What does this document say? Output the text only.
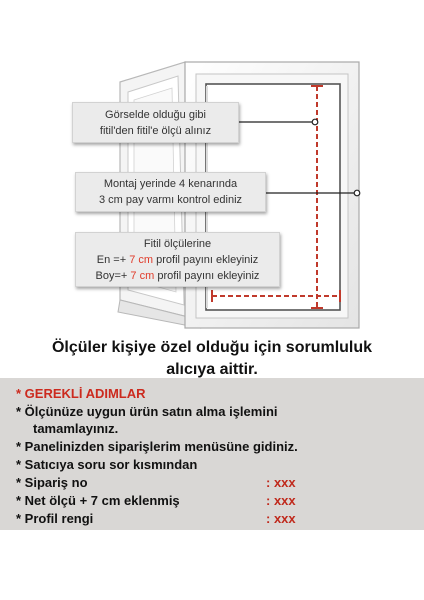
Görselde olduğu gibi
fitil'den fitil'e ölçü alınız
Montaj yerinde 4 kenarında
3 cm pay varmı kontrol ediniz
Fitil ölçülerine
En =+ 7 cm profil payını ekleyiniz
Boy=+ 7 cm profil payını ekleyiniz
Ölçüler kişiye özel olduğu için sorumluluk
alıcıya aittir.
* GEREKLİ ADIMLAR
* Ölçünüze uygun ürün satın alma işlemini
tamamlayınız.
* Panelinizden siparişlerim menüsüne gidiniz.
* Satıcıya soru sor kısmından
* Sipariş no	: xxx
* Net ölçü + 7 cm eklenmiş	: xxx
* Profil rengi	: xxx
